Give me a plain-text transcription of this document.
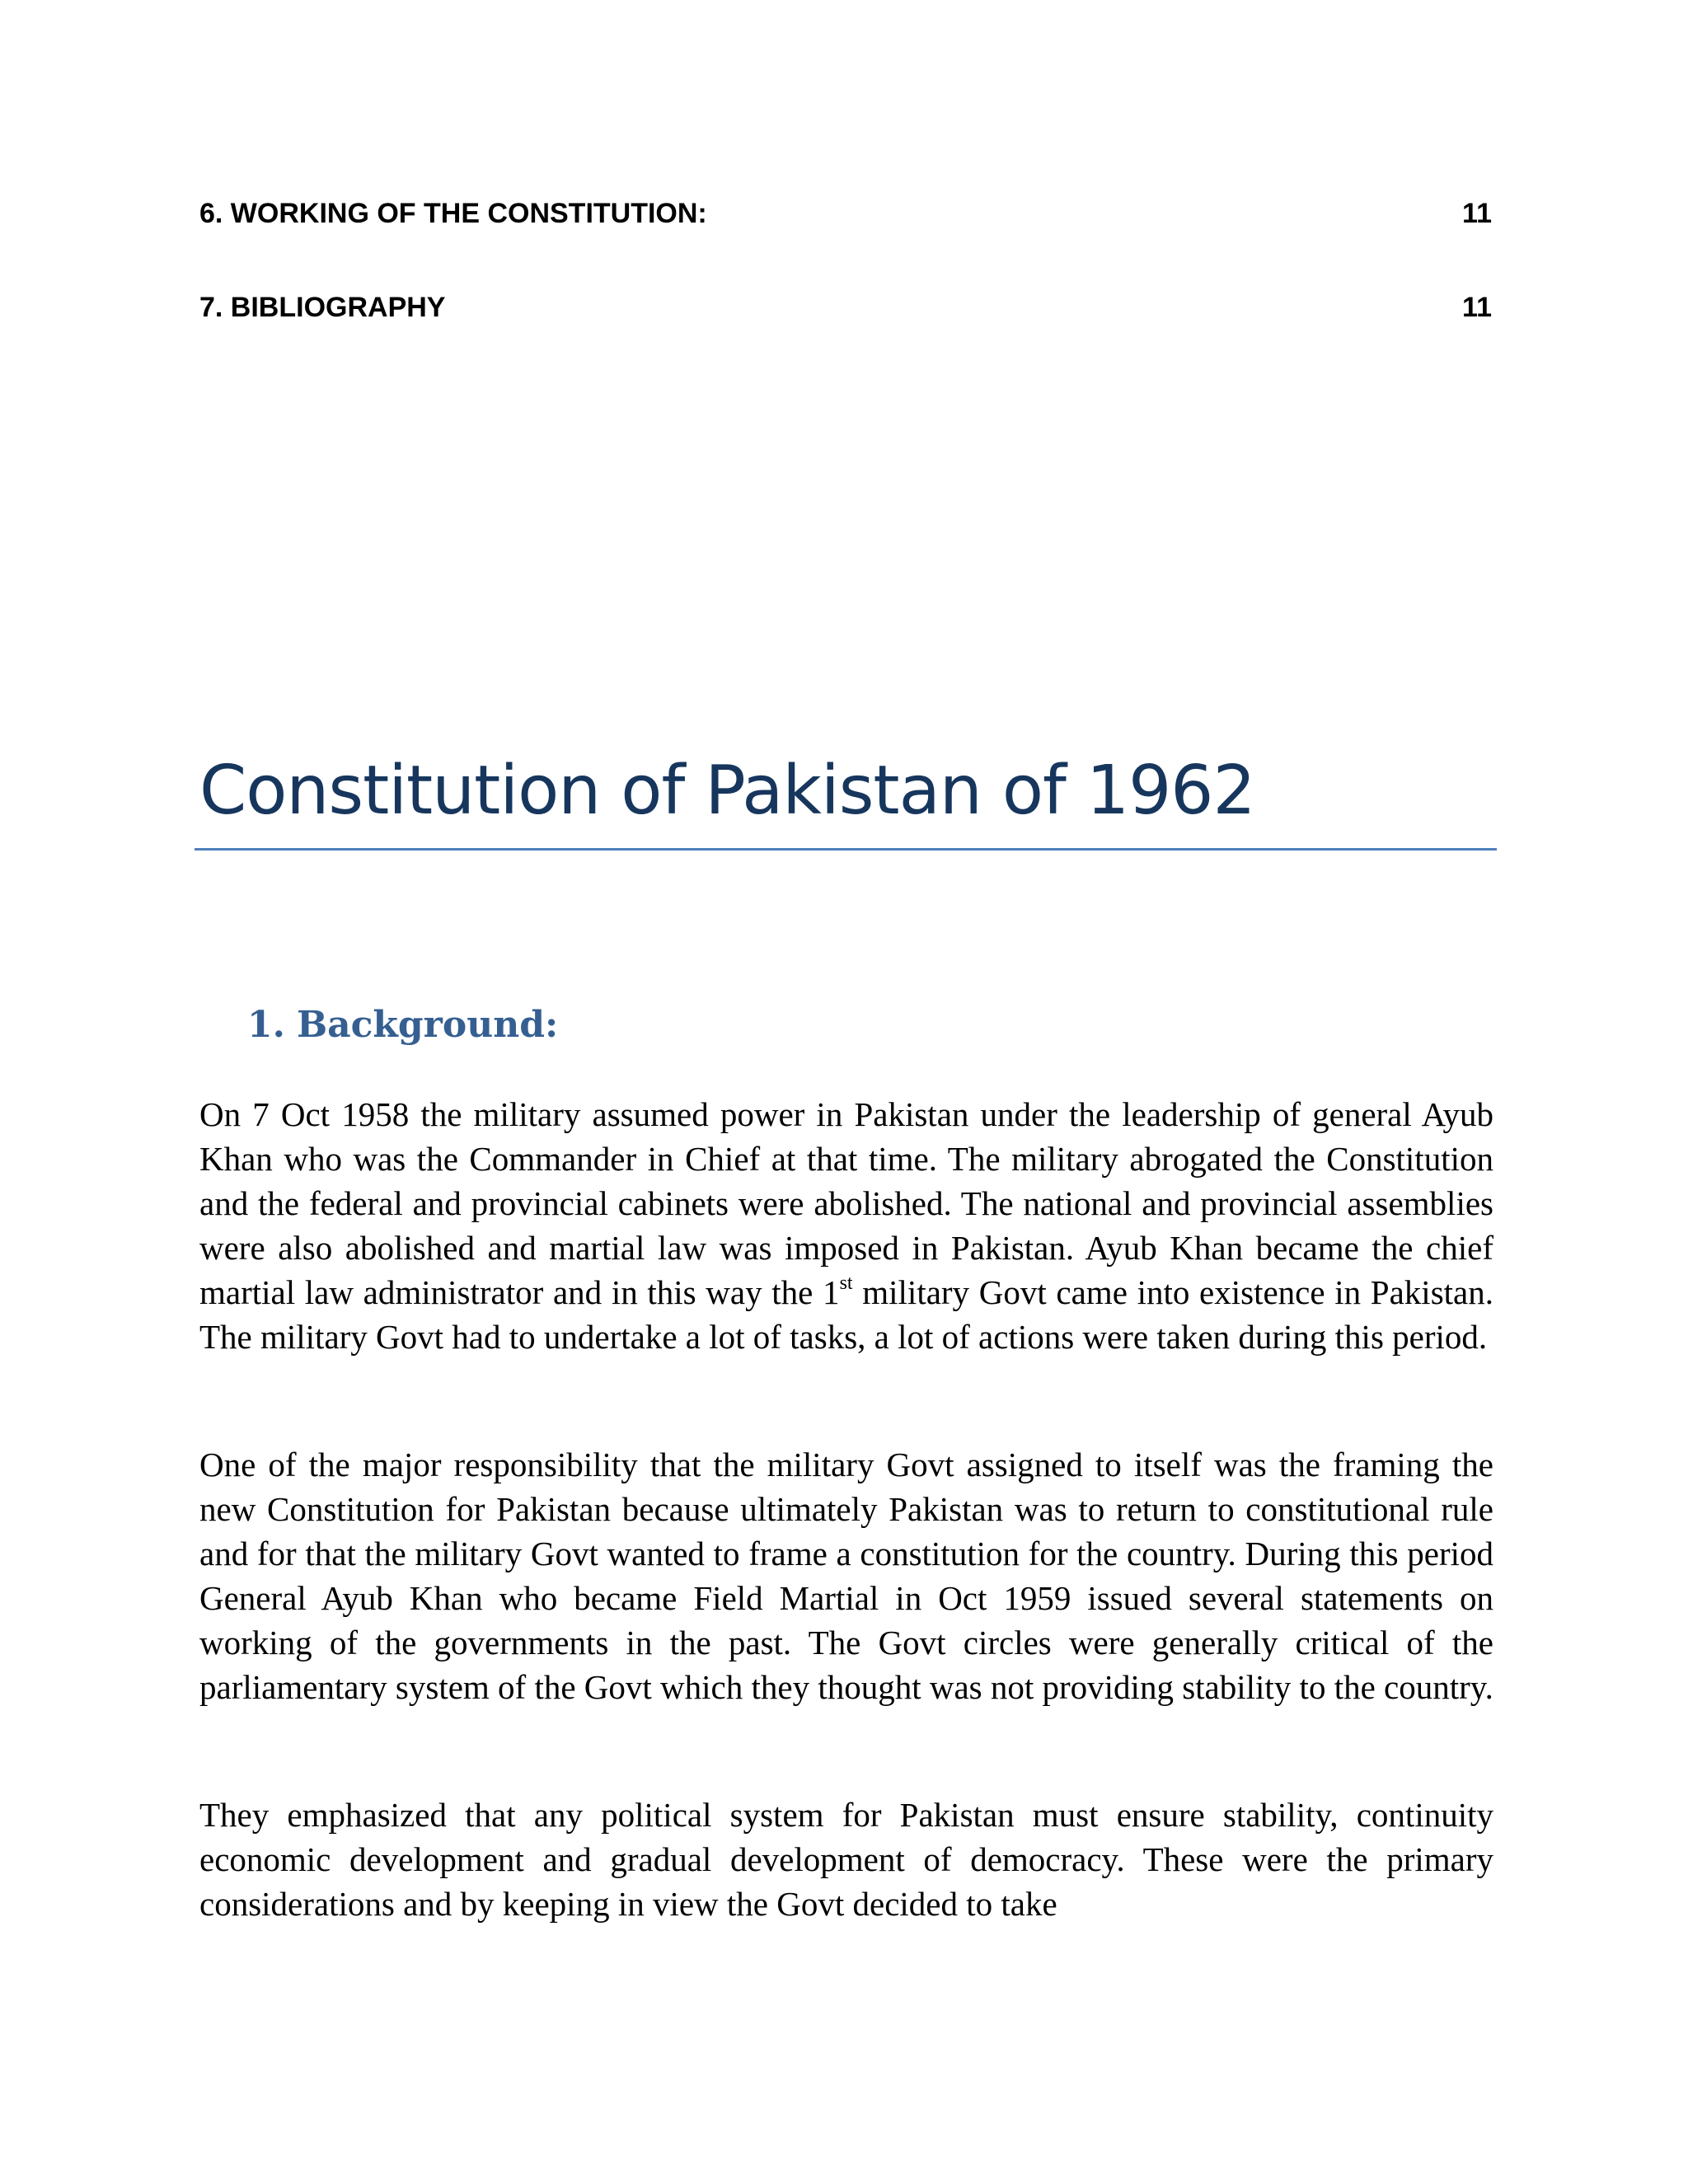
6. WORKING OF THE CONSTITUTION:	11
7. BIBLIOGRAPHY	11
Constitution of Pakistan of 1962
1. Background:

On 7 Oct 1958 the military assumed power in Pakistan under the leadership of general Ayub Khan who was the Commander in Chief at that time. The military abrogated the Constitution and the federal and provincial cabinets were abolished. The national and provincial assemblies were also abolished and martial law was imposed in Pakistan. Ayub Khan became the chief martial law administrator and in this way the 1st military Govt came into existence in Pakistan. The military Govt had to undertake a lot of tasks, a lot of actions were taken during this period.

One of the major responsibility that the military Govt assigned to itself was the framing the new Constitution for Pakistan because ultimately Pakistan was to return to constitutional rule and for that the military Govt wanted to frame a constitution for the country. During this period General Ayub Khan who became Field Martial in Oct 1959 issued several statements on working of the governments in the past. The Govt circles were generally critical of the parliamentary system of the Govt which they thought was not providing stability to the country.

They emphasized that any political system for Pakistan must ensure stability, continuity economic development and gradual development of democracy. These were the primary considerations and by keeping in view the Govt decided to take
